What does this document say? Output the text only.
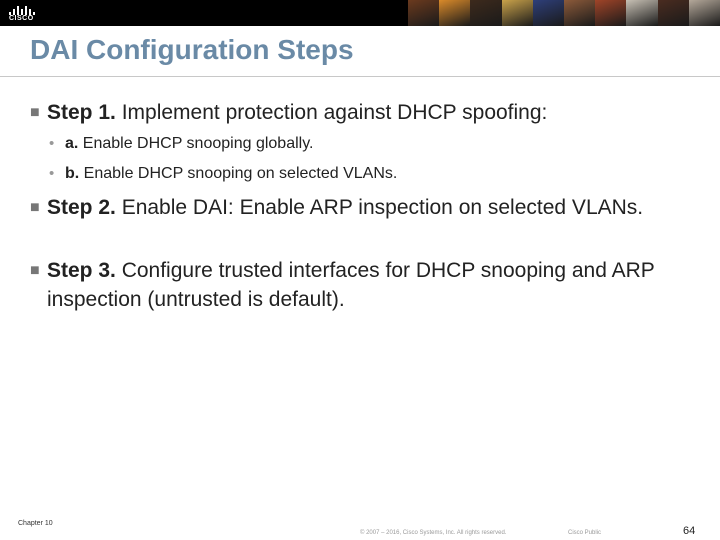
CISCO
DAI Configuration Steps
■ Step 1. Implement protection against DHCP spoofing:
• a. Enable DHCP snooping globally.
• b. Enable DHCP snooping on selected VLANs.
■ Step 2. Enable DAI: Enable ARP inspection on selected VLANs.
■ Step 3. Configure trusted interfaces for DHCP snooping and ARP inspection (untrusted is default).
Chapter 10
© 2007 – 2016, Cisco Systems, Inc. All rights reserved.	Cisco Public	64
